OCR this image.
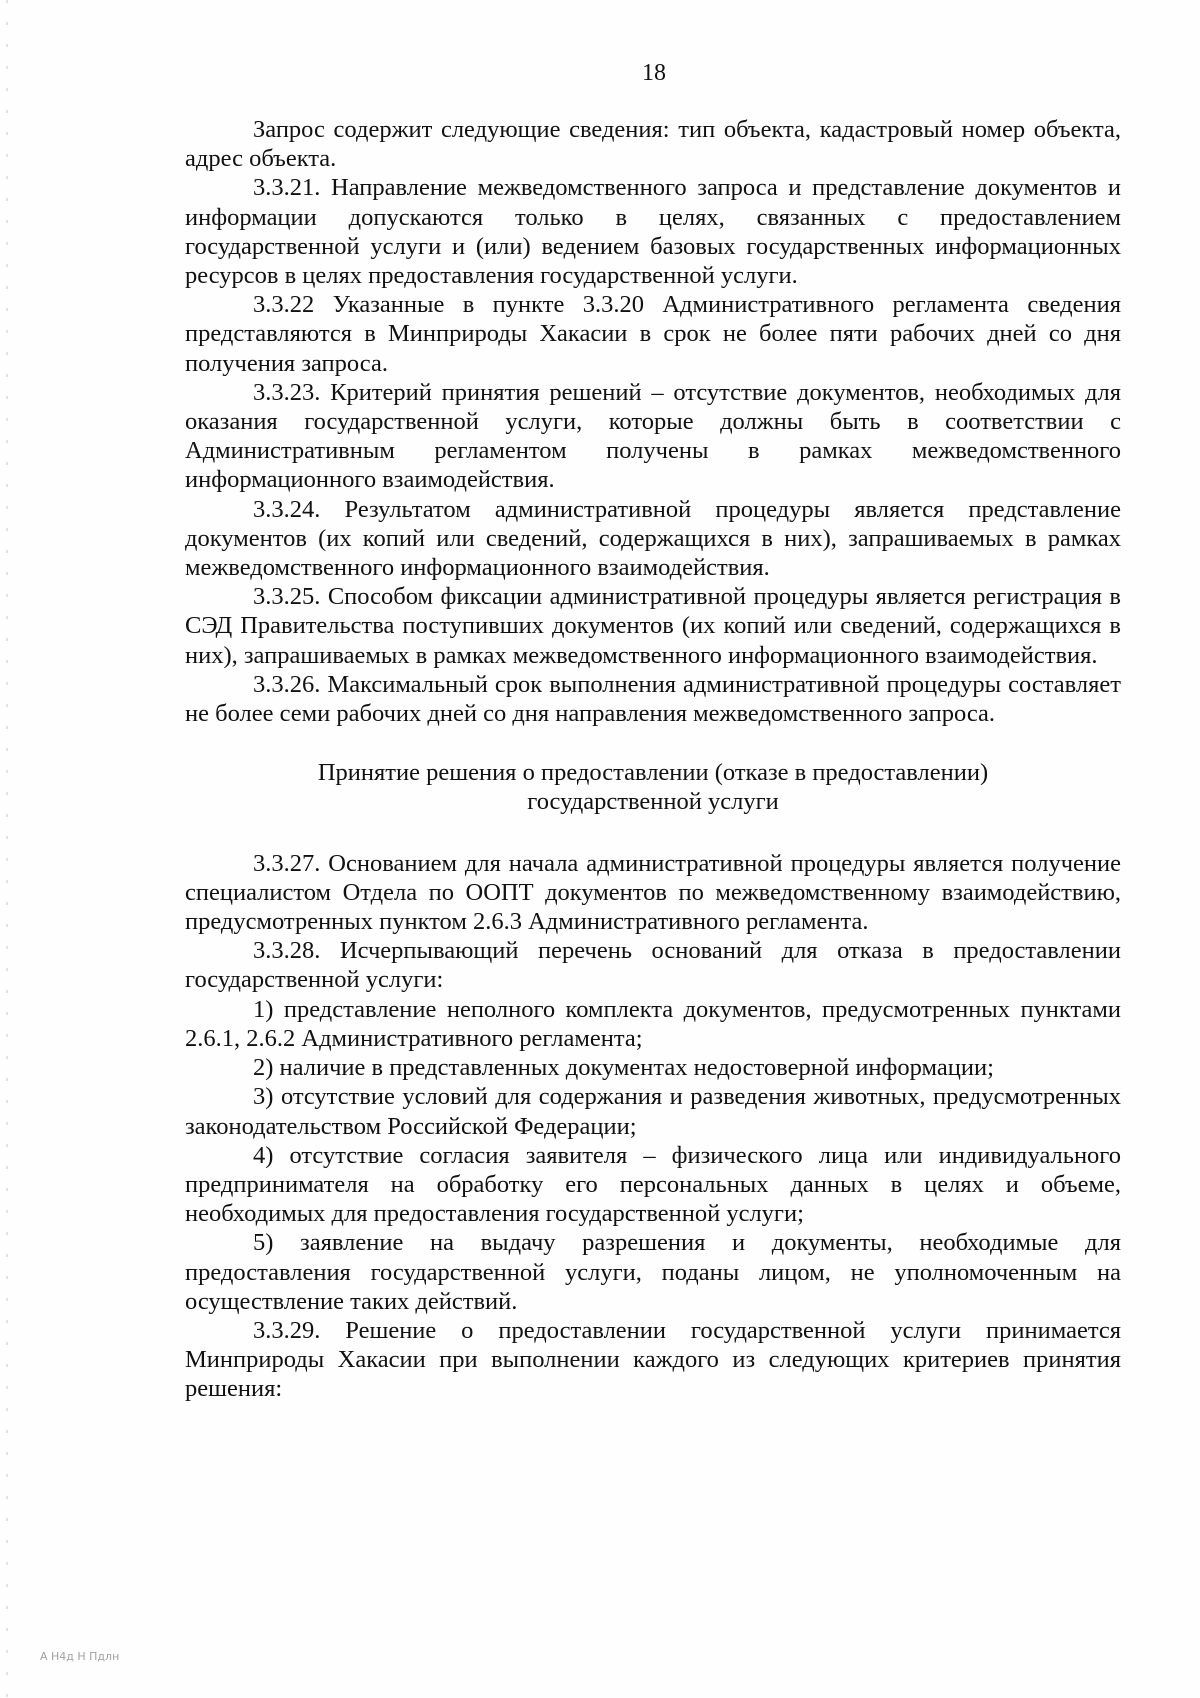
18

Запрос содержит следующие сведения: тип объекта, кадастровый номер объекта, адрес объекта.

3.3.21. Направление межведомственного запроса и представление документов и информации допускаются только в целях, связанных с предоставлением государственной услуги и (или) ведением базовых государственных информационных ресурсов в целях предоставления государственной услуги.

3.3.22 Указанные в пункте 3.3.20 Административного регламента сведения представляются в Минприроды Хакасии в срок не более пяти рабочих дней со дня получения запроса.

3.3.23. Критерий принятия решений – отсутствие документов, необходимых для оказания государственной услуги, которые должны быть в соответствии с Административным регламентом получены в рамках межведомственного информационного взаимодействия.

3.3.24. Результатом административной процедуры является представление документов (их копий или сведений, содержащихся в них), запрашиваемых в рамках межведомственного информационного взаимодействия.

3.3.25. Способом фиксации административной процедуры является регистрация в СЭД Правительства поступивших документов (их копий или сведений, содержащихся в них), запрашиваемых в рамках межведомственного информационного взаимодействия.

3.3.26. Максимальный срок выполнения административной процедуры составляет не более семи рабочих дней со дня направления межведомственного запроса.

Принятие решения о предоставлении (отказе в предоставлении)
государственной услуги

3.3.27. Основанием для начала административной процедуры является получение специалистом Отдела по ООПТ документов по межведомственному взаимодействию, предусмотренных пунктом 2.6.3 Административного регламента.

3.3.28. Исчерпывающий перечень оснований для отказа в предоставлении государственной услуги:

1) представление неполного комплекта документов, предусмотренных пунктами 2.6.1, 2.6.2 Административного регламента;

2) наличие в представленных документах недостоверной информации;

3) отсутствие условий для содержания и разведения животных, предусмотренных законодательством Российской Федерации;

4) отсутствие согласия заявителя – физического лица или индивидуального предпринимателя на обработку его персональных данных в целях и объеме, необходимых для предоставления государственной услуги;

5) заявление на выдачу разрешения и документы, необходимые для предоставления государственной услуги, поданы лицом, не уполномоченным на осуществление таких действий.

3.3.29. Решение о предоставлении государственной услуги принимается Минприроды Хакасии при выполнении каждого из следующих критериев принятия решения:

А Н4д Н Пдлн
